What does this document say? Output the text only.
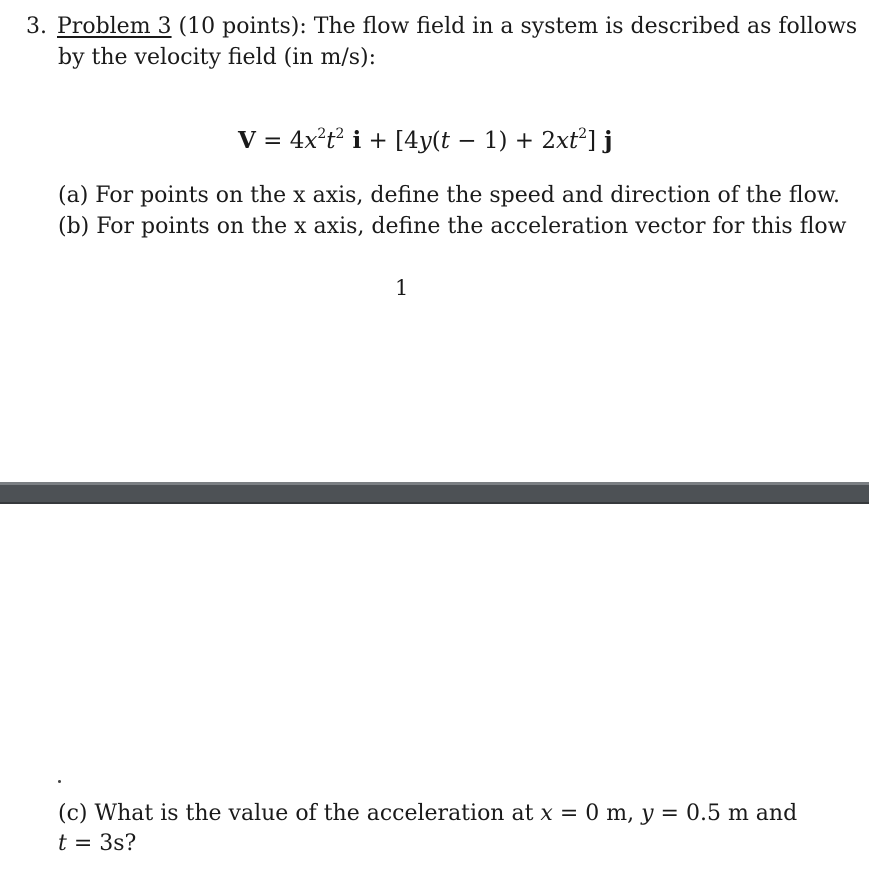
3. Problem 3 (10 points): The flow field in a system is described as follows
by the velocity field (in m/s):
$V = 4x^2t^2$ $i + [4y(t - 1) + 2xt^2]$ j
(a) For points on the x axis, define the speed and direction of the flow.
(b) For points on the x axis, define the acceleration vector for this flow
1
(c) What is the value of the acceleration at x = 0 m, y = 0.5 m and
t = 3s?
